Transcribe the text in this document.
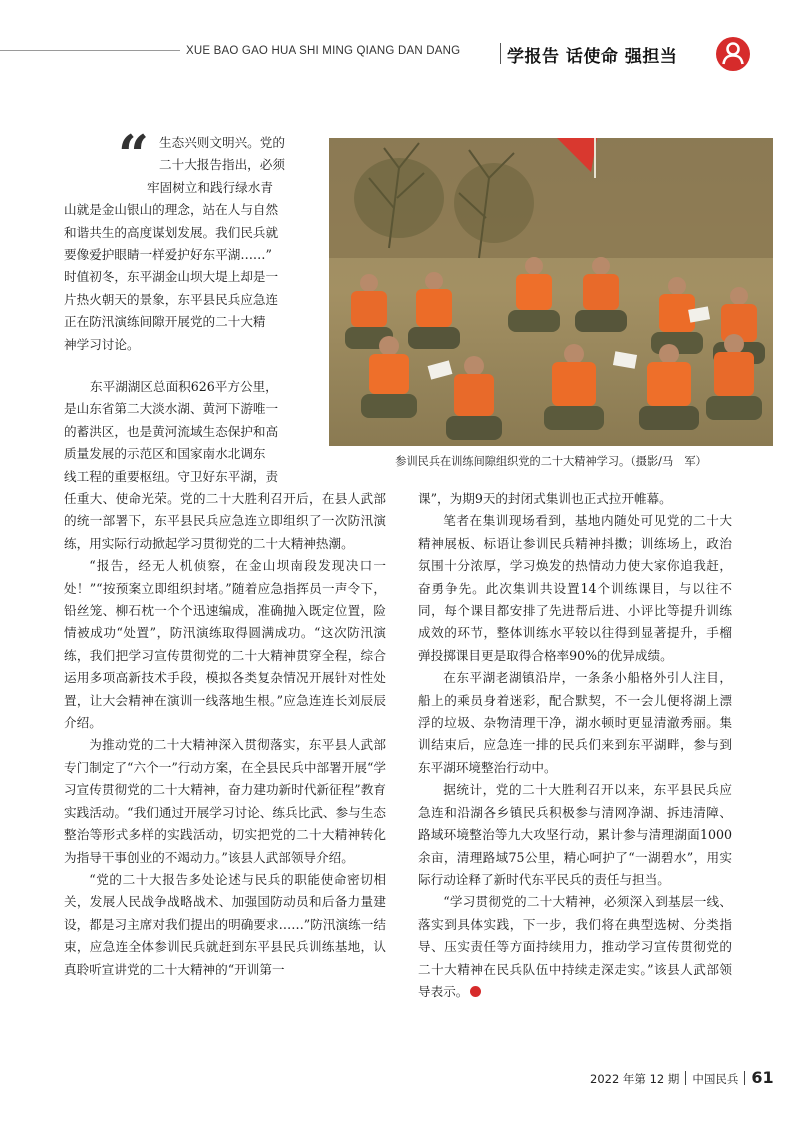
XUE BAO GAO HUA SHI MING QIANG DAN DANG	学报告 话使命 强担当
“ 生态兴则文明兴。党的
二十大报告指出，必须
牢固树立和践行绿水青
山就是金山银山的理念，站在人与自然
和谐共生的高度谋划发展。我们民兵就
要像爱护眼睛一样爱护好东平湖……”
时值初冬，东平湖金山坝大堤上却是一
片热火朝天的景象，东平县民兵应急连
正在防汛演练间隙开展党的二十大精
神学习讨论。
东平湖湖区总面积626平方公里，
是山东省第二大淡水湖、黄河下游唯一
的蓄洪区，也是黄河流域生态保护和高
质量发展的示范区和国家南水北调东
线工程的重要枢纽。守卫好东平湖，责
参训民兵在训练间隙组织党的二十大精神学习。（摄影/马　军）

任重大、使命光荣。党的二十大胜利召开后，在县人武部的统一部署下，东平县民兵应急连立即组织了一次防汛演练，用实际行动掀起学习贯彻党的二十大精神热潮。

“报告，经无人机侦察，在金山坝南段发现决口一处！”“按预案立即组织封堵。”随着应急指挥员一声令下，铅丝笼、柳石枕一个个迅速编成，准确抛入既定位置，险情被成功“处置”，防汛演练取得圆满成功。“这次防汛演练，我们把学习宣传贯彻党的二十大精神贯穿全程，综合运用多项高新技术手段，模拟各类复杂情况开展针对性处置，让大会精神在演训一线落地生根。”应急连连长刘辰辰介绍。

为推动党的二十大精神深入贯彻落实，东平县人武部专门制定了“六个一”行动方案，在全县民兵中部署开展“学习宣传贯彻党的二十大精神，奋力建功新时代新征程”教育实践活动。“我们通过开展学习讨论、练兵比武、参与生态整治等形式多样的实践活动，切实把党的二十大精神转化为指导干事创业的不竭动力。”该县人武部领导介绍。

“党的二十大报告多处论述与民兵的职能使命密切相关，发展人民战争战略战术、加强国防动员和后备力量建设，都是习主席对我们提出的明确要求……”防汛演练一结束，应急连全体参训民兵就赶到东平县民兵训练基地，认真聆听宣讲党的二十大精神的“开训第一

课”，为期9天的封闭式集训也正式拉开帷幕。

笔者在集训现场看到，基地内随处可见党的二十大精神展板、标语让参训民兵精神抖擞；训练场上，政治氛围十分浓厚，学习焕发的热情动力使大家你追我赶，奋勇争先。此次集训共设置14个训练课目，与以往不同，每个课目都安排了先进帮后进、小评比等提升训练成效的环节，整体训练水平较以往得到显著提升，手榴弹投掷课目更是取得合格率90%的优异成绩。

在东平湖老湖镇沿岸，一条条小船格外引人注目，船上的乘员身着迷彩，配合默契，不一会儿便将湖上漂浮的垃圾、杂物清理干净，湖水顿时更显清澈秀丽。集训结束后，应急连一排的民兵们来到东平湖畔，参与到东平湖环境整治行动中。

据统计，党的二十大胜利召开以来，东平县民兵应急连和沿湖各乡镇民兵积极参与清网净湖、拆违清障、路域环境整治等九大攻坚行动，累计参与清理湖面1000余亩，清理路域75公里，精心呵护了“一湖碧水”，用实际行动诠释了新时代东平民兵的责任与担当。

“学习贯彻党的二十大精神，必须深入到基层一线、落实到具体实践，下一步，我们将在典型选树、分类指导、压实责任等方面持续用力，推动学习宣传贯彻党的二十大精神在民兵队伍中持续走深走实。”该县人武部领导表示。

2022 年第 12 期 中国民兵 61
